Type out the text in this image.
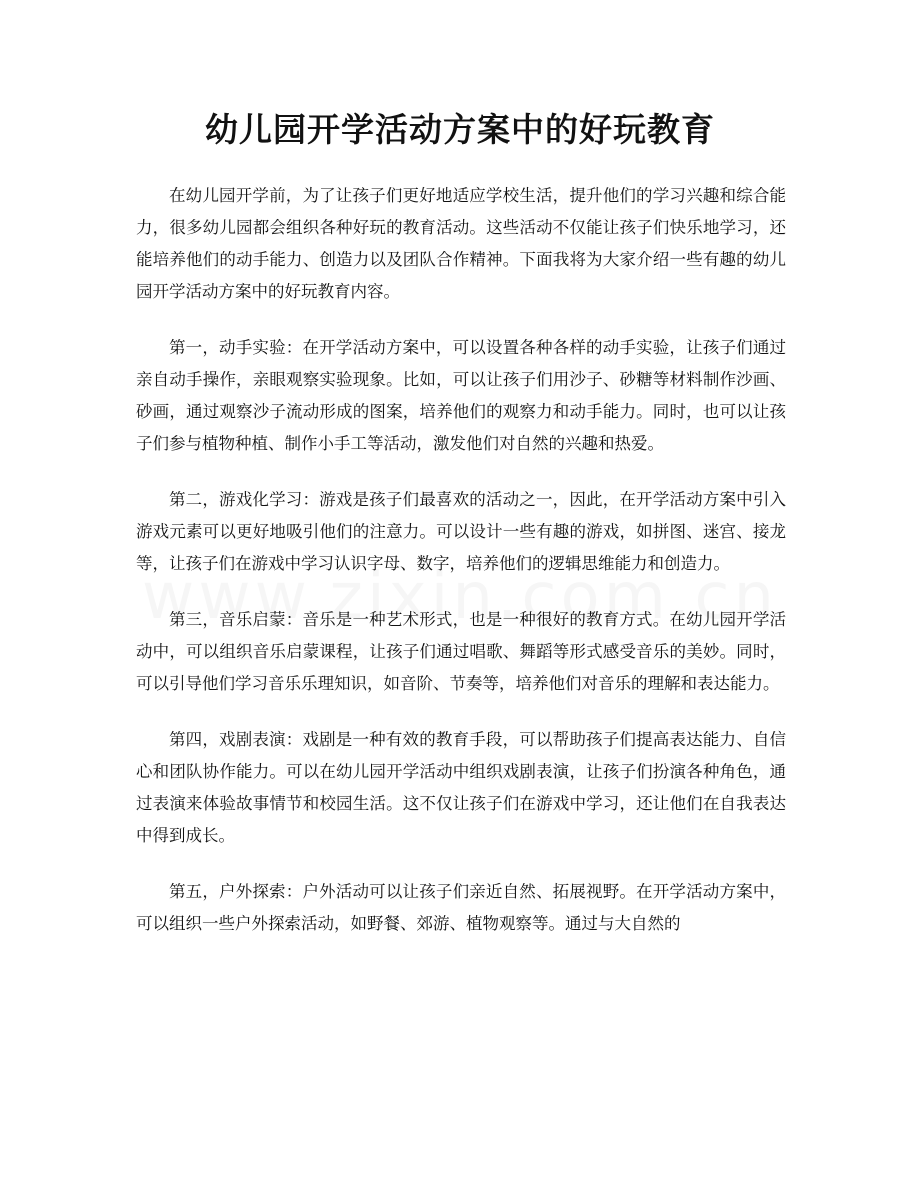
幼儿园开学活动方案中的好玩教育

在幼儿园开学前，为了让孩子们更好地适应学校生活，提升他们的学习兴趣和综合能力，很多幼儿园都会组织各种好玩的教育活动。这些活动不仅能让孩子们快乐地学习，还能培养他们的动手能力、创造力以及团队合作精神。下面我将为大家介绍一些有趣的幼儿园开学活动方案中的好玩教育内容。

第一，动手实验：在开学活动方案中，可以设置各种各样的动手实验，让孩子们通过亲自动手操作，亲眼观察实验现象。比如，可以让孩子们用沙子、砂糖等材料制作沙画、砂画，通过观察沙子流动形成的图案，培养他们的观察力和动手能力。同时，也可以让孩子们参与植物种植、制作小手工等活动，激发他们对自然的兴趣和热爱。

第二，游戏化学习：游戏是孩子们最喜欢的活动之一，因此，在开学活动方案中引入游戏元素可以更好地吸引他们的注意力。可以设计一些有趣的游戏，如拼图、迷宫、接龙等，让孩子们在游戏中学习认识字母、数字，培养他们的逻辑思维能力和创造力。

第三，音乐启蒙：音乐是一种艺术形式，也是一种很好的教育方式。在幼儿园开学活动中，可以组织音乐启蒙课程，让孩子们通过唱歌、舞蹈等形式感受音乐的美妙。同时，可以引导他们学习音乐乐理知识，如音阶、节奏等，培养他们对音乐的理解和表达能力。

第四，戏剧表演：戏剧是一种有效的教育手段，可以帮助孩子们提高表达能力、自信心和团队协作能力。可以在幼儿园开学活动中组织戏剧表演，让孩子们扮演各种角色，通过表演来体验故事情节和校园生活。这不仅让孩子们在游戏中学习，还让他们在自我表达中得到成长。

第五，户外探索：户外活动可以让孩子们亲近自然、拓展视野。在开学活动方案中，可以组织一些户外探索活动，如野餐、郊游、植物观察等。通过与大自然的
